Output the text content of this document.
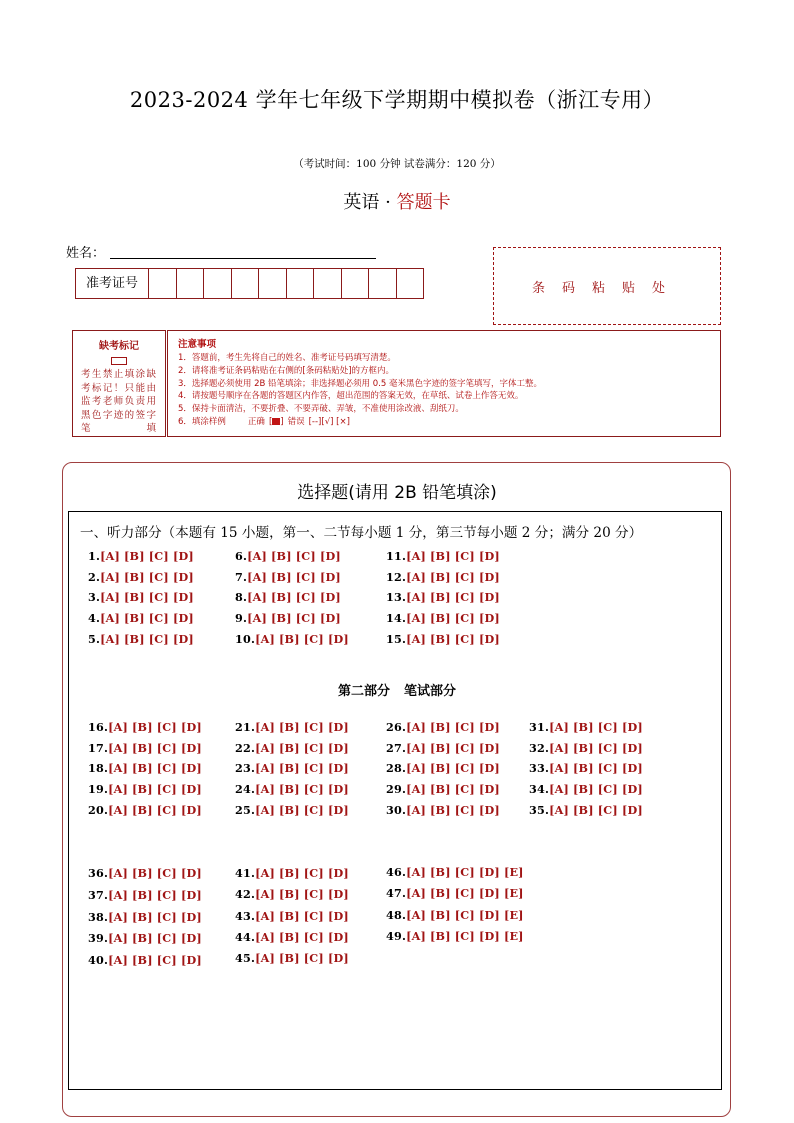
2023-2024 学年七年级下学期期中模拟卷（浙江专用）
（考试时间：100 分钟 试卷满分：120 分）
英语 · 答题卡
姓名：
准考证号	条码粘贴处
缺考标记
考生禁止填涂缺考标记！只能由监考老师负责用黑色字迹的签字笔填
注意事项
1．答题前，考生先将自己的姓名、准考证号码填写清楚。
2．请将准考证条码粘贴在右侧的[条码粘贴处]的方框内。
3．选择题必须使用 2B 铅笔填涂；非选择题必须用 0.5 毫米黑色字迹的签字笔填写，字体工整。
4．请按题号顺序在各题的答题区内作答，超出范围的答案无效，在草纸、试卷上作答无效。
5．保持卡面清洁，不要折叠、不要弄破、弄皱，不准使用涂改液、刮纸刀。
6．填涂样例	正确 [ ] 错误 [--][√] [×]
选择题(请用 2B 铅笔填涂)
一、听力部分（本题有 15 小题，第一、二节每小题 1 分，第三节每小题 2 分；满分 20 分）
第二部分 笔试部分
1.[A] [B] [C] [D]
2.[A] [B] [C] [D]
3.[A] [B] [C] [D]
4.[A] [B] [C] [D]
5.[A] [B] [C] [D]
6.[A] [B] [C] [D]
7.[A] [B] [C] [D]
8.[A] [B] [C] [D]
9.[A] [B] [C] [D]
10.[A] [B] [C] [D]
11.[A] [B] [C] [D]
12.[A] [B] [C] [D]
13.[A] [B] [C] [D]
14.[A] [B] [C] [D]
15.[A] [B] [C] [D]
16.[A] [B] [C] [D]
17.[A] [B] [C] [D]
18.[A] [B] [C] [D]
19.[A] [B] [C] [D]
20.[A] [B] [C] [D]
21.[A] [B] [C] [D]
22.[A] [B] [C] [D]
23.[A] [B] [C] [D]
24.[A] [B] [C] [D]
25.[A] [B] [C] [D]
26.[A] [B] [C] [D]
27.[A] [B] [C] [D]
28.[A] [B] [C] [D]
29.[A] [B] [C] [D]
30.[A] [B] [C] [D]
31.[A] [B] [C] [D]
32.[A] [B] [C] [D]
33.[A] [B] [C] [D]
34.[A] [B] [C] [D]
35.[A] [B] [C] [D]
36.[A] [B] [C] [D]
37.[A] [B] [C] [D]
38.[A] [B] [C] [D]
39.[A] [B] [C] [D]
40.[A] [B] [C] [D]
41.[A] [B] [C] [D]
42.[A] [B] [C] [D]
43.[A] [B] [C] [D]
44.[A] [B] [C] [D]
45.[A] [B] [C] [D]
46.[A] [B] [C] [D] [E]
47.[A] [B] [C] [D] [E]
48.[A] [B] [C] [D] [E]
49.[A] [B] [C] [D] [E]
